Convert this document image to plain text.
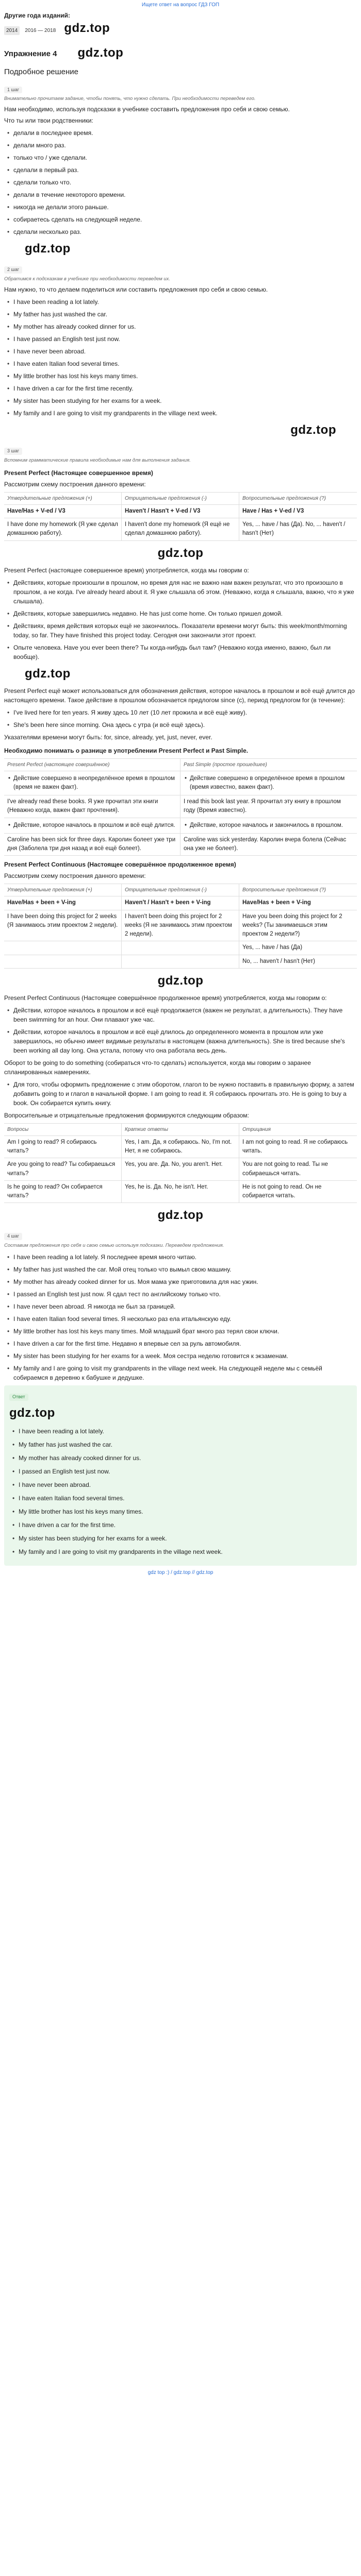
Ищете ответ на вопрос ГДЗ ГОП
Другие года изданий:
2014	2016 — 2018 gdz.top
Упражнение 4 gdz.top
Подробное решение
1 шаг
Внимательно прочитаем задание, чтобы понять, что нужно сделать. При необходимости переведем его.

Нам необходимо, используя подсказки в учебнике составить предложения про себя и свою семью.

Что ты или твои родственники:

• делали в последнее время.
• делали много раз.
• только что / уже сделали.
• сделали в первый раз.
• сделали только что.
• делали в течение некоторого времени.
• никогда не делали этого раньше.
• собираетесь сделать на следующей неделе.
• сделали несколько раз.
gdz.top
2 шаг
Обратимся к подсказкам в учебнике при необходимости переведем их.

Нам нужно, то что делаем поделиться или составить предложения про себя и свою семью.

• I have been reading a lot lately.
• My father has just washed the car.
• My mother has already cooked dinner for us.
• I have passed an English test just now.
• I have never been abroad.
• I have eaten Italian food several times.
• My little brother has lost his keys many times.
• I have driven a car for the first time recently.
• My sister has been studying for her exams for a week.
• My family and I are going to visit my grandparents in the village next week.
gdz.top
3 шаг
Вспомним грамматические правила необходимые нам для выполнения задания.

Present Perfect (Настоящее совершенное время)

Рассмотрим схему построения данного времени:

Утвердительные предложения (+)	Отрицательные предложения (-)	Вопросительные предложения (?)
Have/Has + V-ed / V3	Haven't / Hasn't + V-ed / V3	Have / Has + V-ed / V3
I have done my homework (Я уже сделал домашнюю работу).
I haven't done my homework (Я ещё не сделал домашнюю работу).
Yes, ... have / has (Да). No, ... haven't / hasn't (Нет)
gdz.top

Present Perfect (настоящее совершенное время) употребляется, когда мы говорим о:

• Действиях, которые произошли в прошлом, но время для нас не важно нам важен результат, что это произошло в прошлом, а не когда. I've already heard about it. Я уже слышала об этом. (Неважно, когда я слышала, важно, что я уже слышала).
• Действиях, которые завершились недавно. He has just come home. Он только пришел домой.
• Действиях, время действия которых ещё не закончилось. Показатели времени могут быть: this week/month/morning today, so far. They have finished this project today. Сегодня они закончили этот проект.
• Опыте человека. Have you ever been there? Ты когда-нибудь был там? (Неважно когда именно, важно, был ли вообще).
gdz.top

Present Perfect ещё может использоваться для обозначения действия, которое началось в прошлом и всё ещё длится до настоящего времени. Такое действие в прошлом обозначается предлогом since (с), период предлогом for (в течение):

• I've lived here for ten years. Я живу здесь 10 лет (10 лет прожила и всё ещё живу).
• She's been here since morning. Она здесь с утра (и всё ещё здесь).

Указателями времени могут быть: for, since, already, yet, just, never, ever.

Необходимо понимать о разнице в употреблении Present Perfect и Past Simple.

Present Perfect (настоящее совершённое)	Past Simple (простое прошедшее)
• Действие совершено в неопределённое время в прошлом (время не важен факт).
• Действие совершено в определённое время в прошлом (время известно, важен факт).
I've already read these books. Я уже прочитал эти книги (Неважно когда, важен факт прочтения).
I read this book last year. Я прочитал эту книгу в прошлом году (Время известно).
• Действие, которое началось в прошлом и всё ещё длится.
•	Действие, которое началось и закончилось в прошлом.
Caroline has been sick for three days. Каролин болеет уже три дня (Заболела три дня назад и всё ещё болеет).
Caroline was sick yesterday. Каролин вчера болела (Сейчас она уже не болеет).

Present Perfect Continuous (Настоящее совершённое продолженное время)

Рассмотрим схему построения данного времени:

Утвердительные предложения (+)	Отрицательные предложения (-)	Вопросительные предложения (?)
Have/Has + been + V-ing	Haven't / Hasn't + been + V-ing	Have/Has + been + V-ing
I have been doing this project for 2 weeks (Я занимаюсь этим проектом 2 недели).
I haven't been doing this project for 2 weeks (Я не занимаюсь этим проектом 2 недели).
Have you been doing this project for 2 weeks? (Ты занимаешься этим проектом 2 недели?)
Yes, ... have / has (Да)
No, ... haven't / hasn't (Нет)
gdz.top

Present Perfect Continuous (Настоящее совершённое продолженное время) употребляется, когда мы говорим о:

• Действии, которое началось в прошлом и всё ещё продолжается (важен не результат, а длительность). They have been swimming for an hour. Они плавают уже час.
• Действии, которое началось в прошлом и всё ещё длилось до определенного момента в прошлом или уже завершилось, но обычно имеет видимые результаты в настоящем (важна длительность). She is tired because she's been working all day long. Она устала, потому что она работала весь день.

Оборот to be going to do something (собираться что-то сделать) используется, когда мы говорим о заранее спланированных намерениях.

• Для того, чтобы оформить предложение с этим оборотом, глагол to be нужно поставить в правильную форму, а затем добавить going to и глагол в начальной форме. I am going to read it. Я собираюсь прочитать это. He is going to buy a book. Он собирается купить книгу.

Вопросительные и отрицательные предложения формируются следующим образом:

Вопросы	Краткие ответы	Отрицания
Am I going to read? Я собираюсь читать?
Yes, I am. Да, я собираюсь. No, I'm not. Нет, я не собираюсь.
I am not going to read. Я не собираюсь читать.
Are you going to read? Ты собираешься читать?
Yes, you are. Да. No, you aren't. Нет.	You are not going to read. Ты не собираешься читать.
Is he going to read? Он собирается читать?
Yes, he is. Да. No, he isn't. Нет.	He is not going to read. Он не собирается читать.
gdz.top
4 шаг
Составим предложения про себя и свою семью используя подсказки. Переведем предложения.
• I have been reading a lot lately. Я последнее время много читаю.
• My father has just washed the car. Мой отец только что вымыл свою машину.
• My mother has already cooked dinner for us. Моя мама уже приготовила для нас ужин.
• I passed an English test just now. Я сдал тест по английскому только что.
• I have never been abroad. Я никогда не был за границей.
• I have eaten Italian food several times. Я несколько раз ела итальянскую еду.
• My little brother has lost his keys many times. Мой младший брат много раз терял свои ключи.
• I have driven a car for the first time. Недавно я впервые сел за руль автомобиля.
• My sister has been studying for her exams for a week. Моя сестра неделю готовится к экзаменам.
• My family and I are going to visit my grandparents in the village next week. На следующей неделе мы с семьёй собираемся в деревню к бабушке и дедушке.
Ответ
gdz.top
• I have been reading a lot lately.
• My father has just washed the car.
• My mother has already cooked dinner for us.
• I passed an English test just now.
• I have never been abroad.
• I have eaten Italian food several times.
• My little brother has lost his keys many times.
• I have driven a car for the first time.
• My sister has been studying for her exams for a week.
• My family and I are going to visit my grandparents in the village next week.
gdz top :) / gdz.top // gdz.top
